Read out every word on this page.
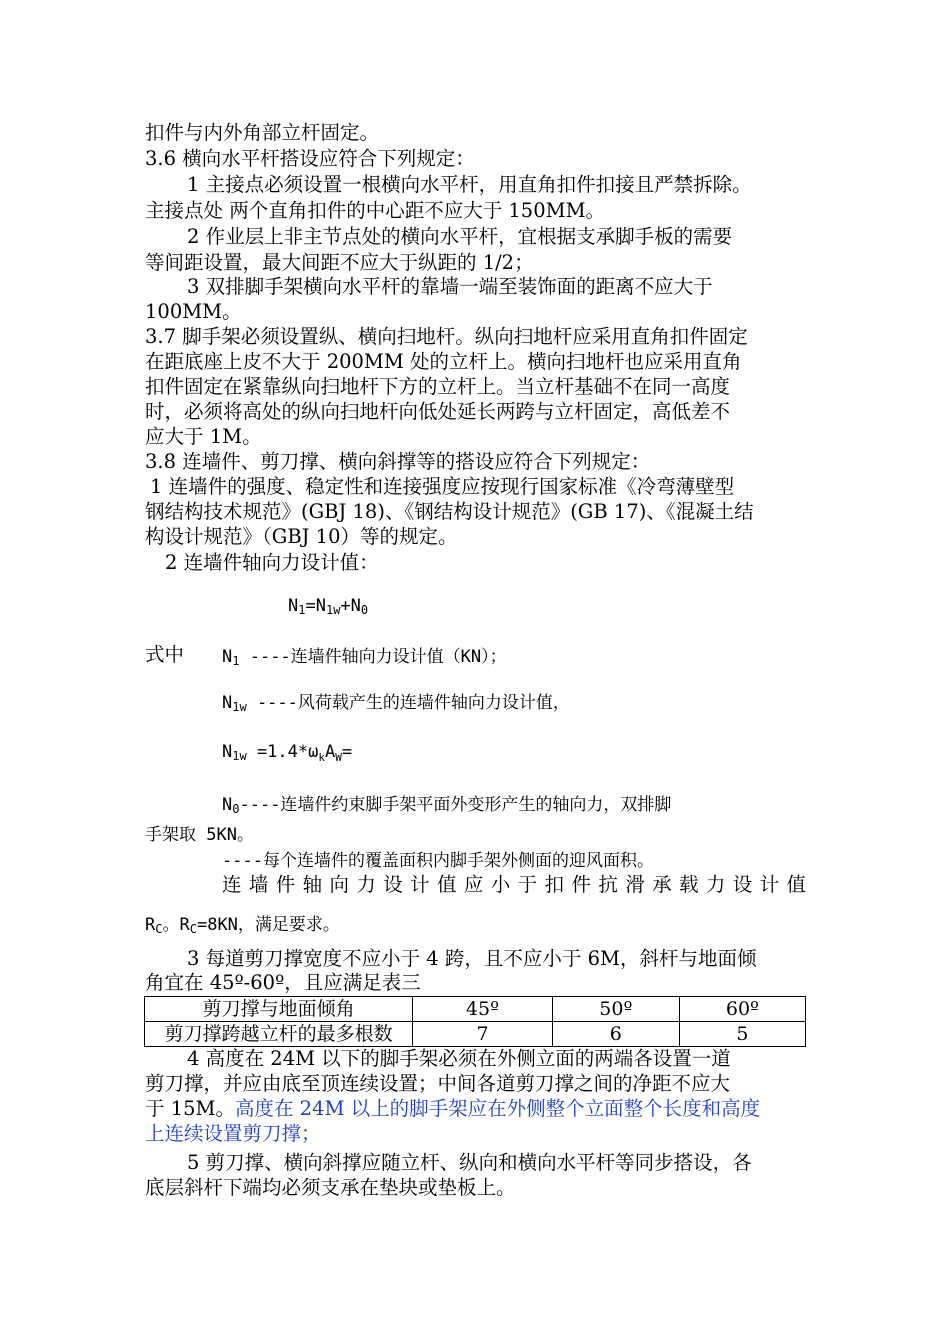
扣件与内外角部立杆固定。
3.6 横向水平杆搭设应符合下列规定：
1 主接点必须设置一根横向水平杆，用直角扣件扣接且严禁拆除。
主接点处 两个直角扣件的中心距不应大于 150MM。
2 作业层上非主节点处的横向水平杆，宜根据支承脚手板的需要
等间距设置，最大间距不应大于纵距的 1/2；
3 双排脚手架横向水平杆的靠墙一端至装饰面的距离不应大于
100MM。
3.7 脚手架必须设置纵、横向扫地杆。纵向扫地杆应采用直角扣件固定
在距底座上皮不大于 200MM 处的立杆上。横向扫地杆也应采用直角
扣件固定在紧靠纵向扫地杆下方的立杆上。当立杆基础不在同一高度
时，必须将高处的纵向扫地杆向低处延长两跨与立杆固定，高低差不
应大于 1M。
3.8 连墙件、剪刀撑、横向斜撑等的搭设应符合下列规定：
1 连墙件的强度、稳定性和连接强度应按现行国家标准《冷弯薄壁型
钢结构技术规范》(GBJ 18)、《钢结构设计规范》(GB 17)、《混凝土结
构设计规范》（GBJ 10）等的规定。
2 连墙件轴向力设计值：
$N_1=N_{1w}+N_0$
式中 $N_1$ ----连墙件轴向力设计值（KN）；
$N_{1w}$ ----风荷载产生的连墙件轴向力设计值，
$N_{1w} =1.4*\omega_kA_W=$
$N_0----$连墙件约束脚手架平面外变形产生的轴向力，双排脚
手架取 5KN。
----每个连墙件的覆盖面积内脚手架外侧面的迎风面积。
连墙件轴向力设计值应小于扣件抗滑承载力设计值
$R_C$。$R_C=8KN$，满足要求。
3 每道剪刀撑宽度不应小于 4 跨，且不应小于 6M，斜杆与地面倾
角宜在 45º-60º，且应满足表三
剪刀撑与地面倾角	45º	50º	60º
剪刀撑跨越立杆的最多根数	7	6	5
4 高度在 24M 以下的脚手架必须在外侧立面的两端各设置一道
剪刀撑，并应由底至顶连续设置；中间各道剪刀撑之间的净距不应大
于 15M。高度在 24M 以上的脚手架应在外侧整个立面整个长度和高度
上连续设置剪刀撑；
5 剪刀撑、横向斜撑应随立杆、纵向和横向水平杆等同步搭设，各
底层斜杆下端均必须支承在垫块或垫板上。
